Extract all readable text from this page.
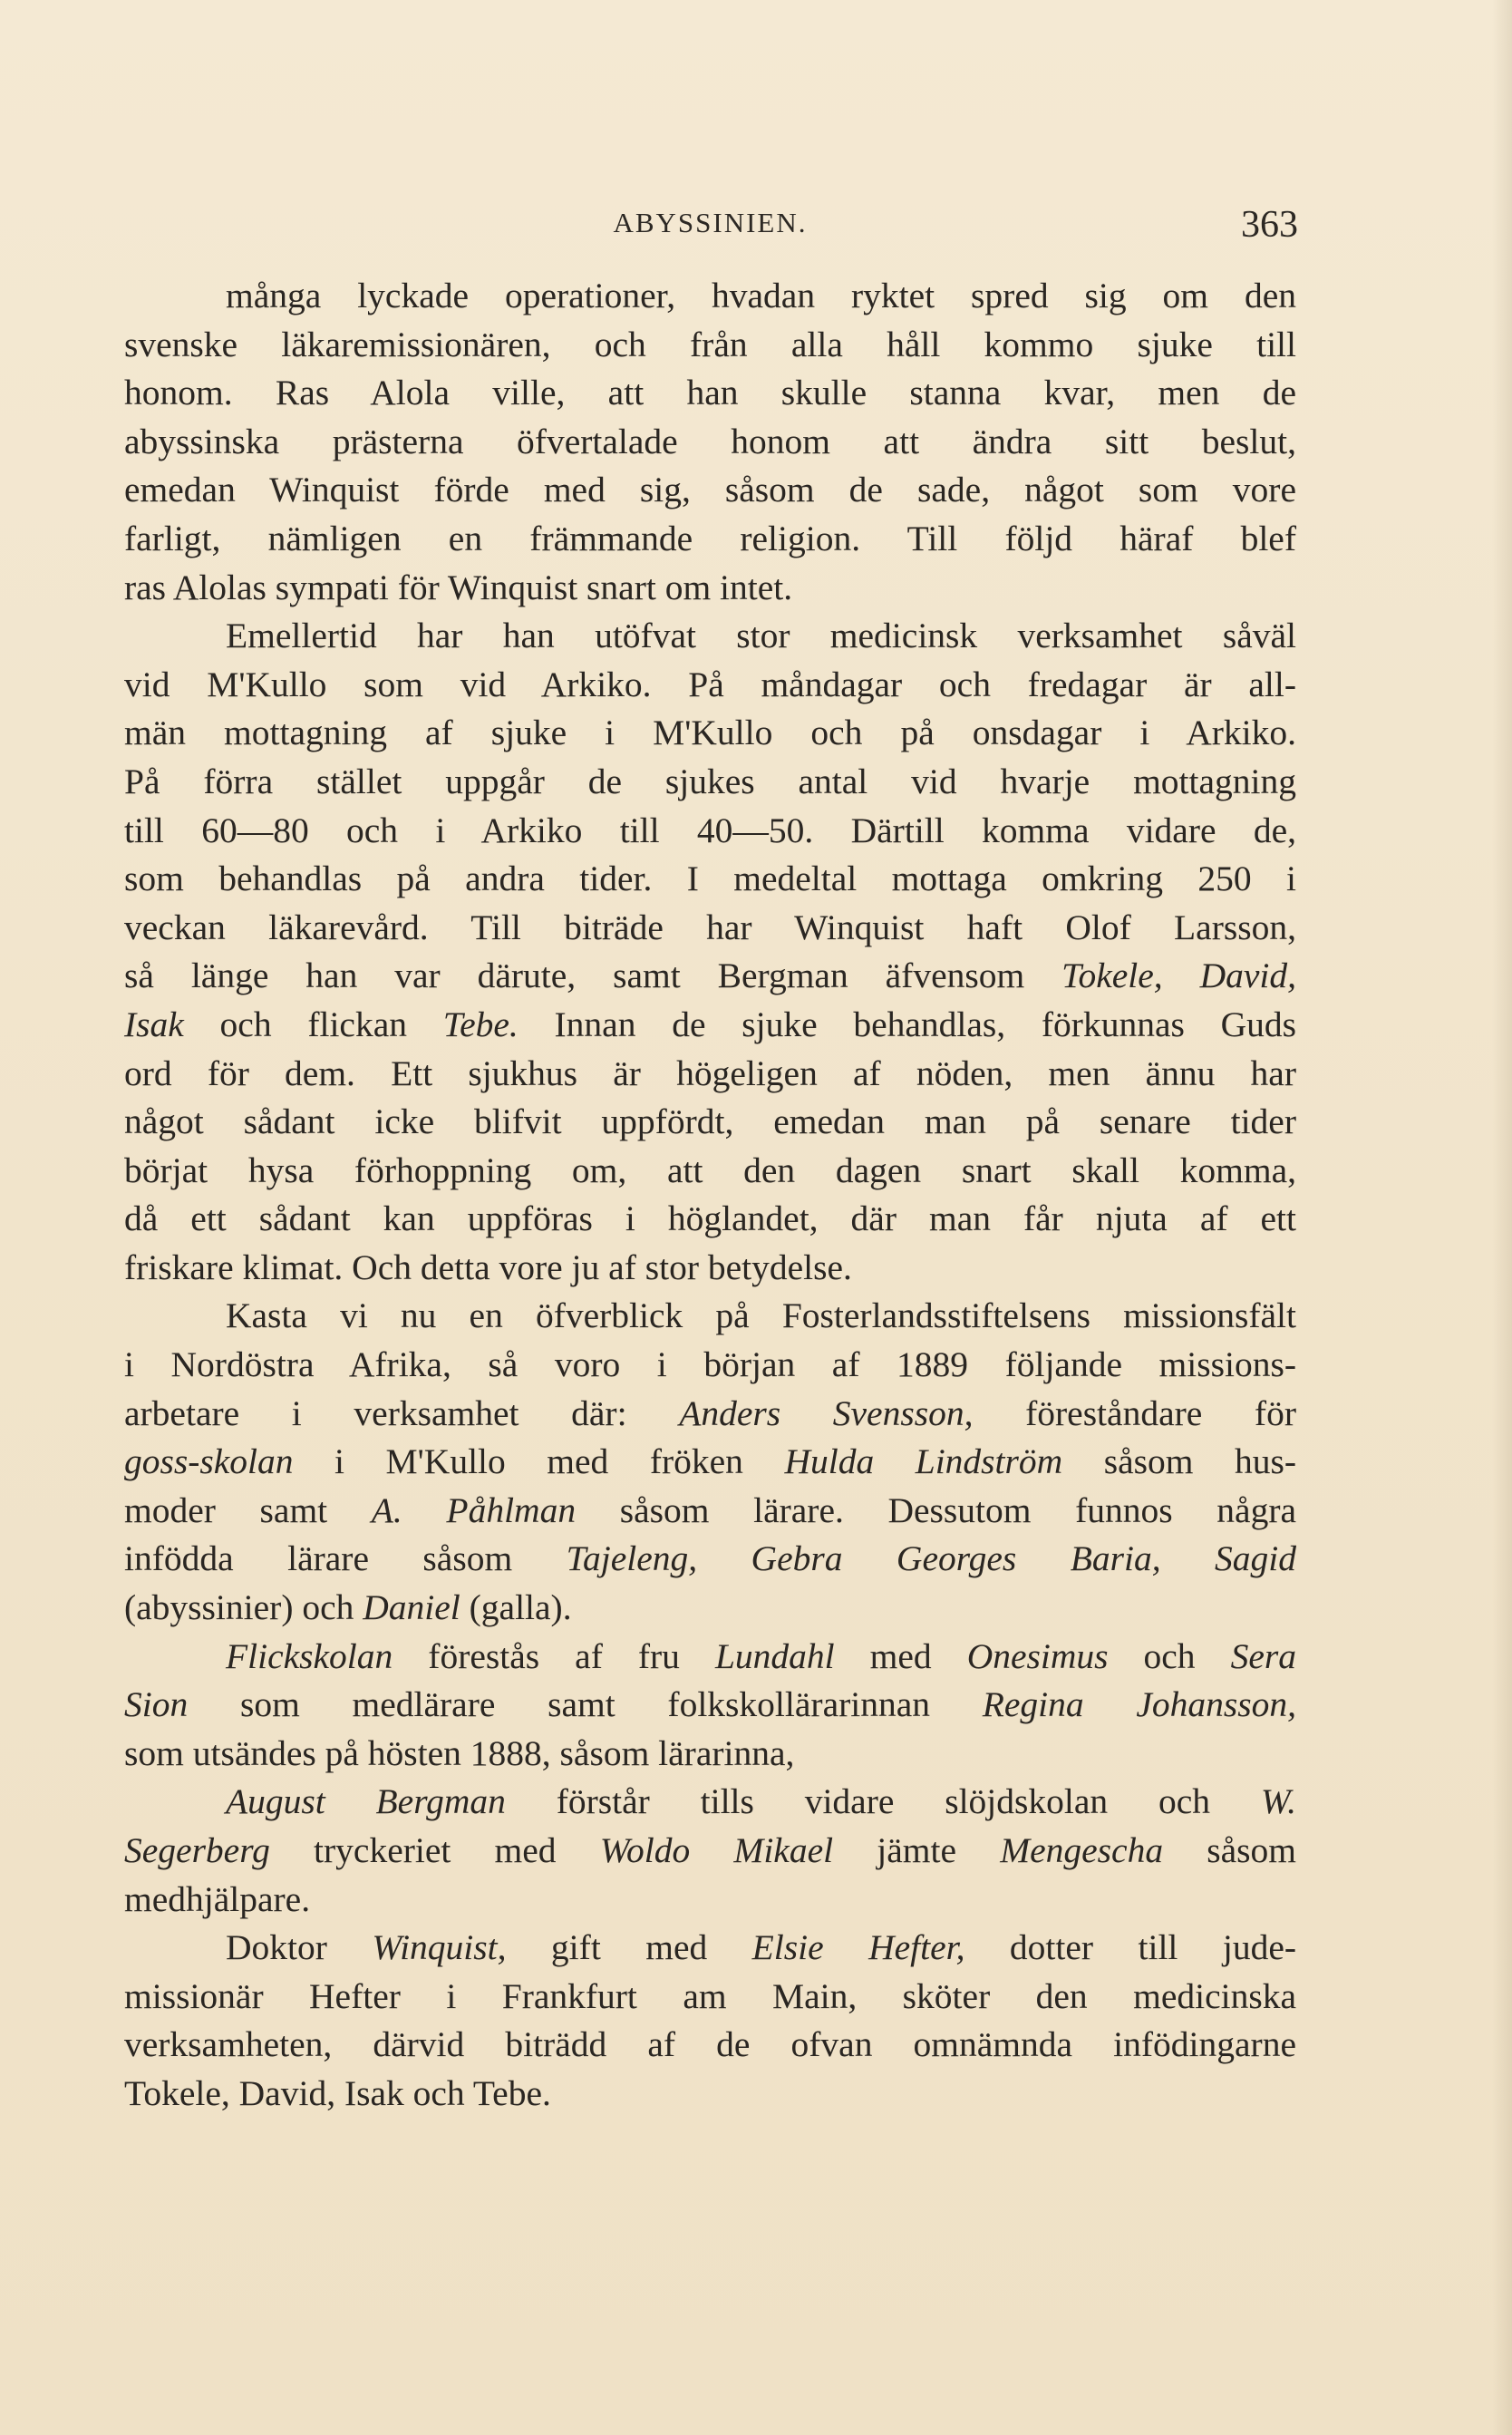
ABYSSINIEN.	363
många lyckade operationer, hvadan ryktet spred sig om den
svenske läkaremissionären, och från alla håll kommo sjuke till
honom. Ras Alola ville, att han skulle stanna kvar, men de
abyssinska prästerna öfvertalade honom att ändra sitt beslut,
emedan Winquist förde med sig, såsom de sade, något som vore
farligt, nämligen en främmande religion. Till följd häraf blef
ras Alolas sympati för Winquist snart om intet.
Emellertid har han utöfvat stor medicinsk verksamhet såväl
vid M'Kullo som vid Arkiko. På måndagar och fredagar är all-
män mottagning af sjuke i M'Kullo och på onsdagar i Arkiko.
På förra stället uppgår de sjukes antal vid hvarje mottagning
till 60—80 och i Arkiko till 40—50. Därtill komma vidare de,
som behandlas på andra tider. I medeltal mottaga omkring 250 i
veckan läkarevård. Till biträde har Winquist haft Olof Larsson,
så länge han var därute, samt Bergman äfvensom Tokele, David,
Isak och flickan Tebe. Innan de sjuke behandlas, förkunnas Guds
ord för dem. Ett sjukhus är högeligen af nöden, men ännu har
något sådant icke blifvit uppfördt, emedan man på senare tider
börjat hysa förhoppning om, att den dagen snart skall komma,
då ett sådant kan uppföras i höglandet, där man får njuta af ett
friskare klimat. Och detta vore ju af stor betydelse.
Kasta vi nu en öfverblick på Fosterlandsstiftelsens missionsfält
i Nordöstra Afrika, så voro i början af 1889 följande missions-
arbetare i verksamhet där: Anders Svensson, föreståndare för
goss-skolan i M'Kullo med fröken Hulda Lindström såsom hus-
moder samt A. Påhlman såsom lärare. Dessutom funnos några
infödda lärare såsom Tajeleng, Gebra Georges Baria, Sagid
(abyssinier) och Daniel (galla).
Flickskolan förestås af fru Lundahl med Onesimus och Sera
Sion som medlärare samt folkskollärarinnan Regina Johansson,
som utsändes på hösten 1888, såsom lärarinna,
August Bergman förstår tills vidare slöjdskolan och W.
Segerberg tryckeriet med Woldo Mikael jämte Mengescha såsom
medhjälpare.
Doktor Winquist, gift med Elsie Hefter, dotter till jude-
missionär Hefter i Frankfurt am Main, sköter den medicinska
verksamheten, därvid biträdd af de ofvan omnämnda infödingarne
Tokele, David, Isak och Tebe.
